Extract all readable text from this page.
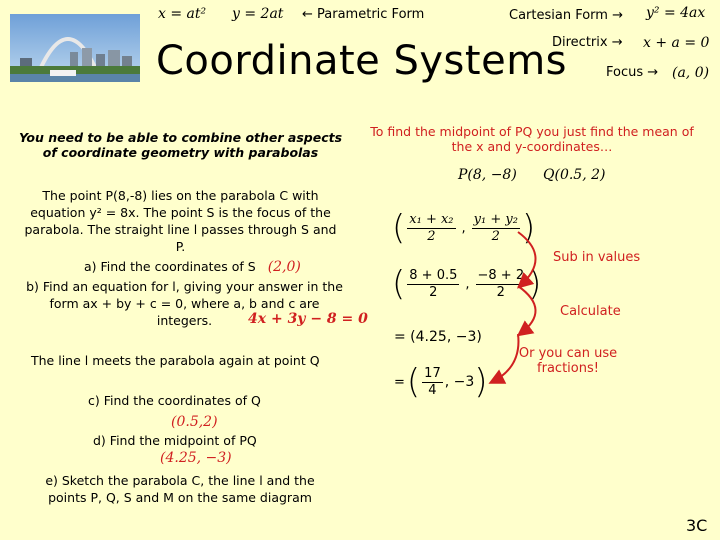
x = at² y = 2at ← Parametric Form	Cartesian Form → y² = 4ax
Directrix → x + a = 0
Focus → (a, 0)
Coordinate Systems
You need to be able to combine other aspects of coordinate geometry with parabolas
The point P(8,-8) lies on the parabola C with equation y² = 8x. The point S is the focus of the parabola. The straight line l passes through S and P.
a) Find the coordinates of S (2,0)
b) Find an equation for l, giving your answer in the form ax + by + c = 0, where a, b and c are integers.	4x + 3y − 8 = 0
The line l meets the parabola again at point Q
c) Find the coordinates of Q
(0.5,2)
d) Find the midpoint of PQ
(4.25, −3)
e) Sketch the parabola C, the line l and the points P, Q, S and M on the same diagram
To find the midpoint of PQ you just find the mean of the x and y-coordinates…
P(8, −8) Q(0.5, 2)
( $\frac{\text{x₁ + x₂}}{2}$ , $\frac{\text{y₁ + y₂}}{2}$ )
( $\frac{8 + 0.5}{2}$ , $\frac{-8 + 2}{2}$ )
= (4.25, −3)
= ( $\frac{17}{4}$ , −3 )
Sub in values
Calculate
Or you can use fractions!
3C
